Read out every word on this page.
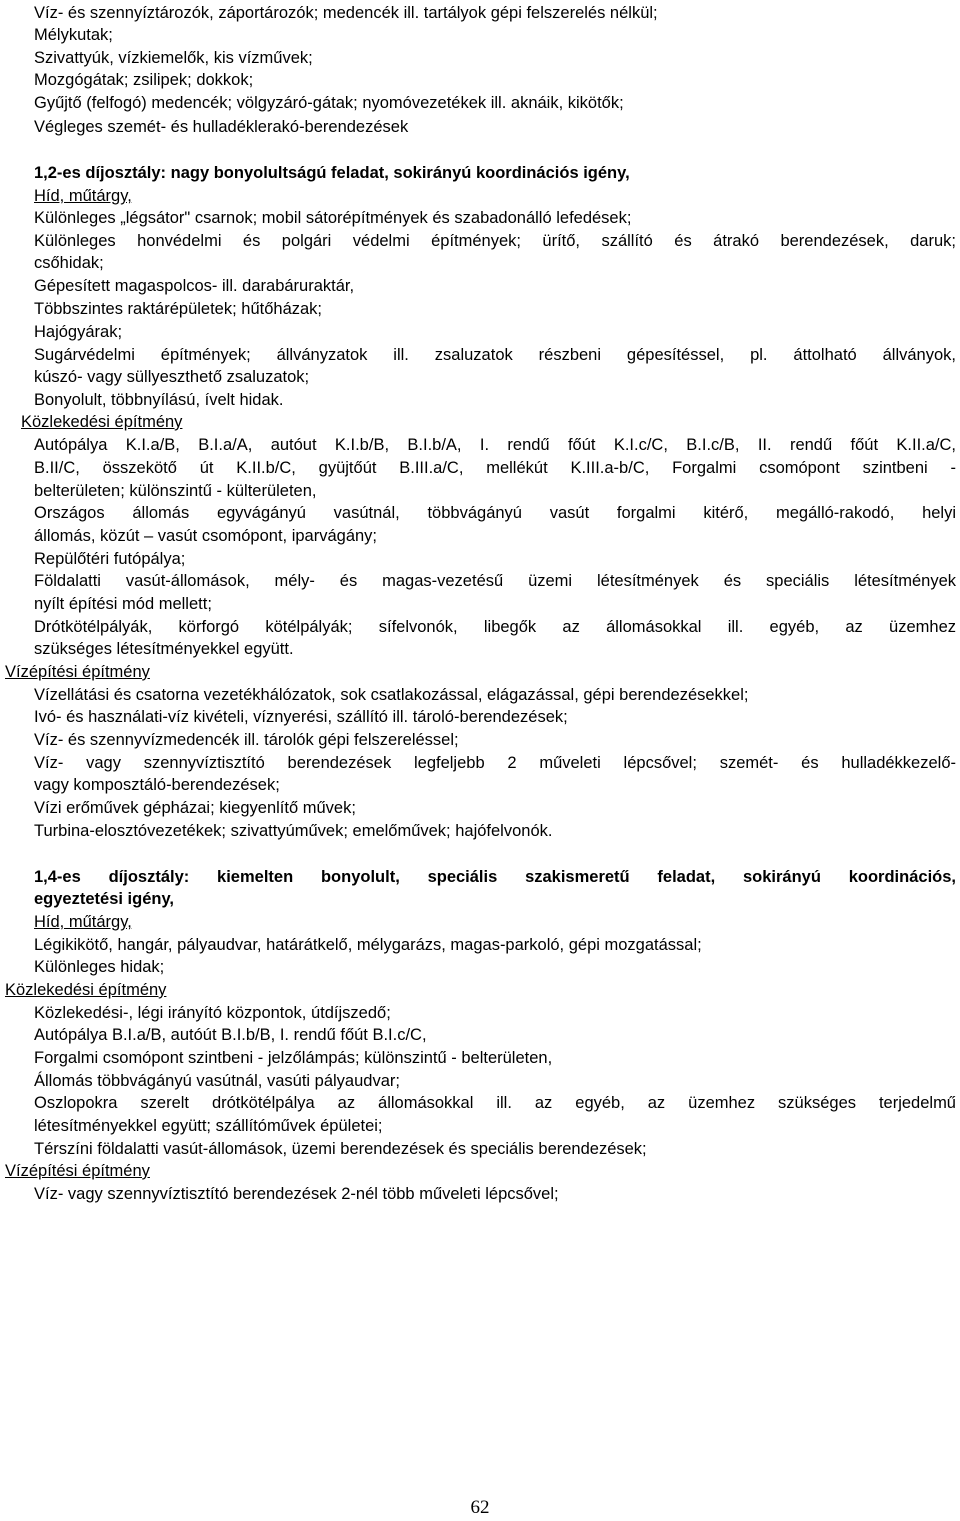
Víz- és szennyíztározók, záportározók; medencék ill. tartályok gépi felszerelés nélkül;
Mélykutak;
Szivattyúk, vízkiemelők, kis vízművek;
Mozgógátak; zsilipek; dokkok;
Gyűjtő (felfogó) medencék; völgyzáró-gátak; nyomóvezetékek ill. aknáik, kikötők;
Végleges szemét- és hulladéklerakó-berendezések
1,2-es díjosztály: nagy bonyolultságú feladat, sokirányú koordinációs igény,
Híd, műtárgy,
Különleges „légsátor" csarnok; mobil sátorépítmények és szabadonálló lefedések;
Különleges honvédelmi és polgári védelmi építmények; ürítő, szállító és átrakó berendezések, daruk;
csőhidak;
Gépesített magaspolcos- ill. darabáruraktár,
Többszintes raktárépületek; hűtőházak;
Hajógyárak;
Sugárvédelmi építmények; állványzatok ill. zsaluzatok részbeni gépesítéssel, pl. áttolható állványok,
kúszó- vagy süllyeszthető zsaluzatok;
Bonyolult, többnyílású, ívelt hidak.
Közlekedési építmény
Autópálya K.I.a/B, B.I.a/A, autóut K.I.b/B, B.I.b/A, I. rendű főút K.I.c/C, B.I.c/B, II. rendű főút K.II.a/C,
B.II/C, összekötő út K.II.b/C, gyüjtőút B.III.a/C, mellékút K.III.a-b/C, Forgalmi csomópont szintbeni -
belterületen; különszintű - külterületen,
Országos állomás egyvágányú vasútnál, többvágányú vasút forgalmi kitérő, megálló-rakodó, helyi
állomás, közút – vasút csomópont, iparvágány;
Repülőtéri futópálya;
Földalatti vasút-állomások, mély- és magas-vezetésű üzemi létesítmények és speciális létesítmények
nyílt építési mód mellett;
Drótkötélpályák, körforgó kötélpályák; sífelvonók, libegők az állomásokkal ill. egyéb, az üzemhez
szükséges létesítményekkel együtt.
Vízépítési építmény
Vízellátási és csatorna vezetékhálózatok, sok csatlakozással, elágazással, gépi berendezésekkel;
Ivó- és használati-víz kivételi, víznyerési, szállító ill. tároló-berendezések;
Víz- és szennyvízmedencék ill. tárolók gépi felszereléssel;
Víz- vagy szennyvíztisztító berendezések legfeljebb 2 műveleti lépcsővel; szemét- és hulladékkezelő-
vagy komposztáló-berendezések;
Vízi erőművek gépházai; kiegyenlítő művek;
Turbina-elosztóvezetékek; szivattyúművek; emelőművek; hajófelvonók.
1,4-es díjosztály: kiemelten bonyolult, speciális szakismeretű feladat, sokirányú koordinációs,
egyeztetési igény,
Híd, műtárgy,
Légikikötő, hangár, pályaudvar, határátkelő, mélygarázs, magas-parkoló, gépi mozgatással;
Különleges hidak;
Közlekedési építmény
Közlekedési-, légi irányító központok, útdíjszedő;
Autópálya B.I.a/B, autóút B.I.b/B, I. rendű főút B.I.c/C,
Forgalmi csomópont szintbeni - jelzőlámpás; különszintű - belterületen,
Állomás többvágányú vasútnál, vasúti pályaudvar;
Oszlopokra szerelt drótkötélpálya az állomásokkal ill. az egyéb, az üzemhez szükséges terjedelmű
létesítményekkel együtt; szállítóművek épületei;
Térszíni földalatti vasút-állomások, üzemi berendezések és speciális berendezések;
Vízépítési építmény
Víz- vagy szennyvíztisztító berendezések 2-nél több műveleti lépcsővel;
62
